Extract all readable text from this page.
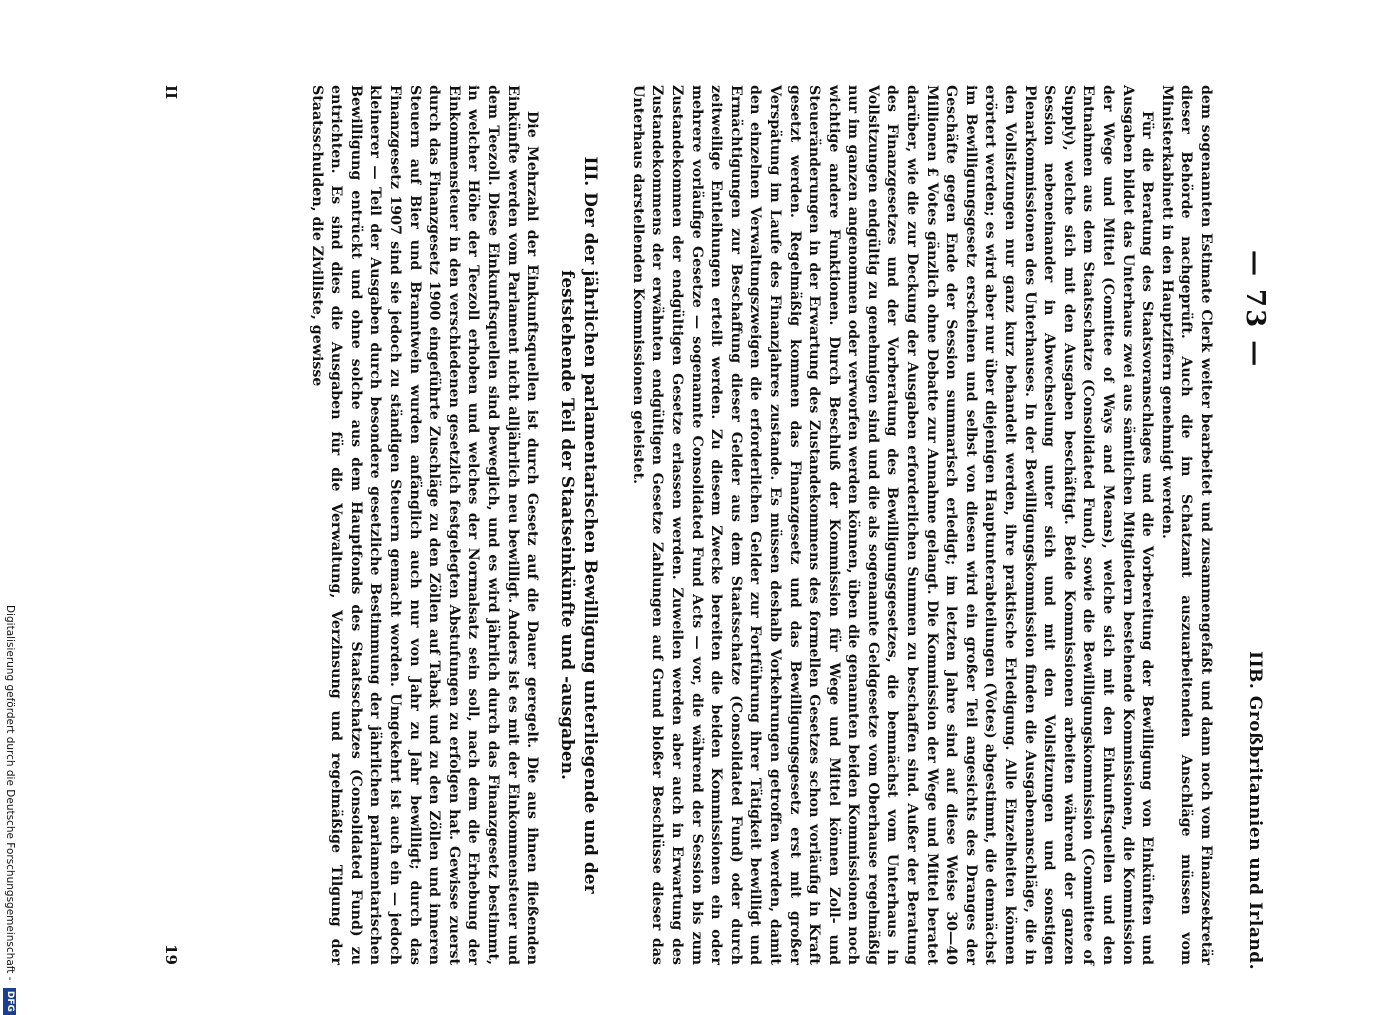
Digitalisierung gefördert durch die Deutsche Forschungsgemeinschaft - DFG
— 73 —
IIB. Großbritannien und Irland.

dem sogenannten Estimate Clerk weiter bearbeitet und zusammengefaßt und dann noch vom Finanzsekretär dieser Behörde nachgeprüft. Auch die im Schatzamt auszuarbeitenden Anschläge müssen vom Ministerkabinett in den Hauptziffern genehmigt werden.

Für die Beratung des Staatsvoranschlages und die Vorbereitung der Bewilligung von Einkünften und Ausgaben bildet das Unterhaus zwei aus sämtlichen Mitgliedern bestehende Kommissionen, die Kommission der Wege und Mittel (Comittee of Ways and Means), welche sich mit den Einkunftsquellen und den Entnahmen aus dem Staatsschatze (Consolidated Fund), sowie die Bewilligungskommission (Committee of Supply), welche sich mit den Ausgaben beschäftigt. Beide Kommissionen arbeiten während der ganzen Session nebeneinander in Abwechselung unter sich und mit den Vollsitzungen und sonstigen Plenarkommissionen des Unterhauses. In der Bewilligungskommission finden die Ausgabenanschläge, die in den Vollsitzungen nur ganz kurz behandelt werden, ihre praktische Erledigung. Alle Einzelheiten können erörtert werden; es wird aber nur über diejenigen Hauptunterabteilungen (Votes) abgestimmt, die demnächst im Bewilligungsgesetz erscheinen und selbst von diesen wird ein großer Teil angesichts des Dranges der Geschäfte gegen Ende der Session summarisch erledigt; im letzten Jahre sind auf diese Weise 30—40 Millionen £ Votes gänzlich ohne Debatte zur Annahme gelangt. Die Kommission der Wege und Mittel beratet darüber, wie die zur Deckung der Ausgaben erforderlichen Summen zu beschaffen sind. Außer der Beratung des Finanzgesetzes und der Vorberatung des Bewilligungsgesetzes, die bemnächst vom Unterhaus in Vollsitzungen endgültig zu genehmigen sind und die als sogenannte Geldgesetze vom Oberhause regelmäßig nur im ganzen angenommen oder verworfen werden können, üben die genannten beiden Kommissionen noch wichtige andere Funktionen. Durch Beschluß der Kommission für Wege und Mittel können Zoll- und Steueränderungen in der Erwartung des Zustandekommens des formellen Gesetzes schon vorläufig in Kraft gesetzt werden. Regelmäßig kommen das Finanzgesetz und das Bewilligungsgesetz erst mit großer Verspätung im Laufe des Finanzjahres zustande. Es müssen deshalb Vorkehrungen getroffen werden, damit den einzelnen Verwaltungszweigen die erforderlichen Gelder zur Fortführung ihrer Tätigkeit bewilligt und Ermächtigungen zur Beschaffung dieser Gelder aus dem Staatsschatze (Consolidated Fund) oder durch zeitweilige Entleihungen erteilt werden. Zu diesem Zwecke bereiten die beiden Kommissionen ein oder mehrere vorläufige Gesetze — sogenannte Consolidated Fund Acts — vor, die während der Session bis zum Zustandekommen der endgültigen Gesetze erlassen werden. Zuweilen werden aber auch in Erwartung des Zustandekommens der erwähnten endgültigen Gesetze Zahlungen auf Grund bloßer Beschlüsse dieser das Unterhaus darstellenden Kommissionen geleistet.

III. Der der jährlichen parlamentarischen Bewilligung unterliegende und der feststehende Teil der Staatseinkünfte und -ausgaben.

Die Mehrzahl der Einkunftsquellen ist durch Gesetz auf die Dauer geregelt. Die aus ihnen fließenden Einkünfte werden vom Parlament nicht alljährlich neu bewilligt. Anders ist es mit der Einkommensteuer und dem Teezoll. Diese Einkunftsquellen sind beweglich, und es wird jährlich durch das Finanzgesetz bestimmt, in welcher Höhe der Teezoll erhoben und welches der Normalsatz sein soll, nach dem die Erhebung der Einkommensteuer in den verschiedenen gesetzlich festgelegten Abstufungen zu erfolgen hat. Gewisse zuerst durch das Finanzgesetz 1900 eingeführte Zuschläge zu den Zöllen auf Tabak und zu den Zöllen und inneren Steuern auf Bier und Branntwein wurden anfänglich auch nur von Jahr zu Jahr bewilligt; durch das Finanzgesetz 1907 sind sie jedoch zu ständigen Steuern gemacht worden. Umgekehrt ist auch ein — jedoch kleinerer — Teil der Ausgaben durch besondere gesetzliche Bestimmung der jährlichen parlamentarischen Bewilligung entrückt und ohne solche aus dem Hauptfonds des Staatsschatzes (Consolidated Fund) zu entrichten. Es sind dies die Ausgaben für die Verwaltung, Verzinsung und regelmäßige Tilgung der Staatsschulden, die Zivilliste, gewisse

II
19
